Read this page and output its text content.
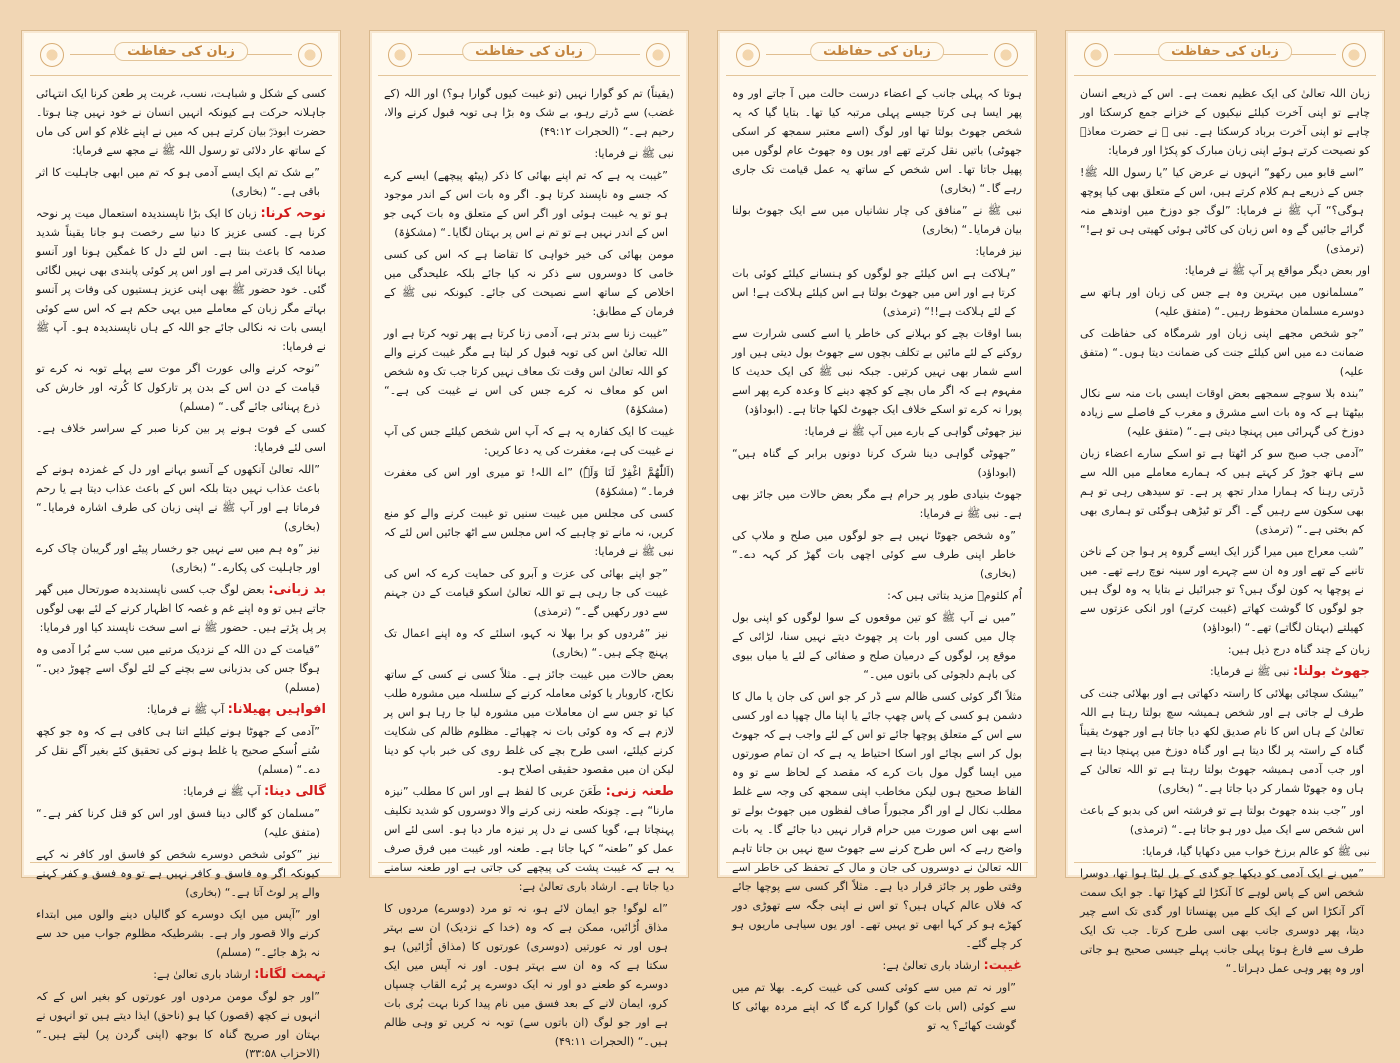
زبان کی حفاظت

زبان اللہ تعالیٰ کی ایک عظیم نعمت ہے۔ اس کے ذریعے انسان چاہے تو اپنی آخرت کیلئے نیکیوں کے خزانے جمع کرسکتا اور چاہے تو اپنی آخرت برباد کرسکتا ہے۔ نبی ﷺ نے حضرت معاذؓ کو نصیحت کرتے ہوئے اپنی زبان مبارک کو پکڑا اور فرمایا:

”اسے قابو میں رکھو“ انہوں نے عرض کیا ”یا رسول اللہ ﷺ! جس کے ذریعے ہم کلام کرتے ہیں، اس کے متعلق بھی کیا پوچھ ہوگی؟“ آپ ﷺ نے فرمایا: ”لوگ جو دوزخ میں اوندھے منہ گرائے جائیں گے وہ اس زبان کی کاٹی ہوئی کھیتی ہی تو ہے!“ (ترمذی)

اور بعض دیگر مواقع پر آپ ﷺ نے فرمایا:

”مسلمانوں میں بہترین وہ ہے جس کی زبان اور ہاتھ سے دوسرے مسلمان محفوظ رہیں۔“ (متفق علیہ)

”جو شخص مجھے اپنی زبان اور شرمگاہ کی حفاظت کی ضمانت دے میں اس کیلئے جنت کی ضمانت دیتا ہوں۔“ (متفق علیہ)

”بندہ بلا سوچے سمجھے بعض اوقات ایسی بات منہ سے نکال بیٹھتا ہے کہ وہ بات اسے مشرق و مغرب کے فاصلے سے زیادہ دوزخ کی گہرائی میں پہنچا دیتی ہے۔“ (متفق علیہ)

”آدمی جب صبح سو کر اٹھتا ہے تو اسکے سارے اعضاء زبان سے ہاتھ جوڑ کر کہتے ہیں کہ ہمارے معاملے میں اللہ سے ڈرتی رہنا کہ ہمارا مدار تجھ پر ہے۔ تو سیدھی رہی تو ہم بھی سکون سے رہیں گے۔ اگر تو ٹیڑھی ہوگئی تو ہماری بھی کم بختی ہے۔“ (ترمذی)

”شب معراج میں میرا گزر ایک ایسے گروہ پر ہوا جن کے ناخن تانبے کے تھے اور وہ ان سے چہرے اور سینہ نوچ رہے تھے۔ میں نے پوچھا یہ کون لوگ ہیں؟ تو جبرائیل نے بتایا یہ وہ لوگ ہیں جو لوگوں کا گوشت کھاتے (غیبت کرتے) اور انکی عزتوں سے کھیلتے (بہتان لگاتے) تھے۔“ (ابوداؤد)

زبان کے چند گناہ درج ذیل ہیں:

جھوٹ بولنا: نبی ﷺ نے فرمایا:

”بیشک سچائی بھلائی کا راستہ دکھاتی ہے اور بھلائی جنت کی طرف لے جاتی ہے اور شخص ہمیشہ سچ بولتا رہتا ہے اللہ تعالیٰ کے ہاں اس کا نام صدیق لکھ دیا جاتا ہے اور جھوٹ یقیناً گناہ کے راستہ پر لگا دیتا ہے اور گناہ دوزخ میں پہنچا دیتا ہے اور جب آدمی ہمیشہ جھوٹ بولتا رہتا ہے تو اللہ تعالیٰ کے ہاں وہ جھوٹا شمار کر دیا جاتا ہے۔“ (بخاری)

اور ”جب بندہ جھوٹ بولتا ہے تو فرشتہ اس کی بدبو کے باعث اس شخص سے ایک میل دور ہو جاتا ہے۔“ (ترمذی)

نبی ﷺ کو عالم برزخ خواب میں دکھایا گیا، فرمایا:

”میں نے ایک آدمی کو دیکھا جو گدی کے بل لیٹا ہوا تھا، دوسرا شخص اس کے پاس لوہے کا آنکڑا لئے کھڑا تھا۔ جو ایک سمت آکر آنکڑا اس کے ایک کلے میں پھنساتا اور گدی تک اسے چیر دیتا، پھر دوسری جانب بھی اسی طرح کرتا۔ جب تک ایک طرف سے فارغ ہوتا پہلی جانب پہلے جیسی صحیح ہو جاتی اور وہ پھر وہی عمل دہراتا۔“

زبان کی حفاظت

ہوتا کہ پہلی جانب کے اعضاء درست حالت میں آ جاتے اور وہ پھر ایسا ہی کرتا جیسے پہلی مرتبہ کیا تھا۔ بتایا گیا کہ یہ شخص جھوٹ بولتا تھا اور لوگ (اسے معتبر سمجھ کر اسکی جھوٹی) باتیں نقل کرتے تھے اور یوں وہ جھوٹ عام لوگوں میں پھیل جاتا تھا۔ اس شخص کے ساتھ یہ عمل قیامت تک جاری رہے گا۔“ (بخاری)

نبی ﷺ نے ”منافق کی چار نشانیاں میں سے ایک جھوٹ بولنا بیان فرمایا۔“ (بخاری)

نیز فرمایا:

”ہلاکت ہے اس کیلئے جو لوگوں کو ہنسانے کیلئے کوئی بات کرتا ہے اور اس میں جھوٹ بولتا ہے اس کیلئے ہلاکت ہے! اس کے لئے ہلاکت ہے!!“ (ترمذی)

بسا اوقات بچے کو بہلانے کی خاطر یا اسے کسی شرارت سے روکنے کے لئے مائیں بے تکلف بچوں سے جھوٹ بول دیتی ہیں اور اسے شمار بھی نہیں کرتیں۔ جبکہ نبی ﷺ کی ایک حدیث کا مفہوم ہے کہ اگر ماں بچے کو کچھ دینے کا وعدہ کرے پھر اسے پورا نہ کرے تو اسکے خلاف ایک جھوٹ لکھا جاتا ہے۔ (ابوداؤد)

نیز جھوٹی گواہی کے بارے میں آپ ﷺ نے فرمایا:

”جھوٹی گواہی دینا شرک کرنا دونوں برابر کے گناہ ہیں“ (ابوداؤد)

جھوٹ بنیادی طور پر حرام ہے مگر بعض حالات میں جائز بھی ہے۔ نبی ﷺ نے فرمایا:

”وہ شخص جھوٹا نہیں ہے جو لوگوں میں صلح و ملاپ کی خاطر اپنی طرف سے کوئی اچھی بات گھڑ کر کہہ دے۔“ (بخاری)

اُم کلثومؓ مزید بتاتی ہیں کہ:

”میں نے آپ ﷺ کو تین موقعوں کے سوا لوگوں کو اپنی بول چال میں کسی اور بات پر چھوٹ دیتے نہیں سنا، لڑائی کے موقع پر، لوگوں کے درمیان صلح و صفائی کے لئے یا میاں بیوی کی باہم دلجوئی کی باتوں میں۔“

مثلاً اگر کوئی کسی ظالم سے ڈر کر جو اس کی جان یا مال کا دشمن ہو کسی کے پاس چھپ جائے یا اپنا مال چھپا دے اور کسی سے اس کے متعلق پوچھا جائے تو اس کے لئے واجب ہے کہ جھوٹ بول کر اسے بچائے اور اسکا احتیاط یہ ہے کہ ان تمام صورتوں میں ایسا گول مول بات کرے کہ مقصد کے لحاظ سے تو وہ الفاظ صحیح ہوں لیکن مخاطب اپنی سمجھ کی وجہ سے غلط مطلب نکال لے اور اگر مجبوراً صاف لفظوں میں جھوٹ بولے تو اسے بھی اس صورت میں حرام قرار نہیں دیا جائے گا۔ یہ بات واضح رہے کہ اس طرح کرنے سے جھوٹ سچ نہیں بن جاتا تاہم اللہ تعالیٰ نے دوسروں کی جان و مال کے تحفظ کی خاطر اسے وقتی طور پر جائز قرار دیا ہے۔ مثلاً اگر کسی سے پوچھا جائے کہ فلاں عالم کہاں ہیں؟ تو اس نے اپنی جگہ سے تھوڑی دور کھڑے ہو کر کہا ابھی تو یہیں تھے۔ اور یوں سیاہی ماریوں ہو کر چلے گئے۔

غیبت: ارشاد باری تعالیٰ ہے:

”اور نہ تم میں سے کوئی کسی کی غیبت کرے۔ بھلا تم میں سے کوئی (اس بات کو) گوارا کرے گا کہ اپنے مردہ بھائی کا گوشت کھائے؟ یہ تو

زبان کی حفاظت

(یقیناً) تم کو گوارا نہیں (تو غیبت کیوں گوارا ہو؟) اور اللہ (کے غضب) سے ڈرتے رہو، بے شک وہ بڑا ہی توبہ قبول کرنے والا، رحیم ہے۔“ (الحجرات ۴۹:۱۲)

نبی ﷺ نے فرمایا:

”غیبت یہ ہے کہ تم اپنے بھائی کا ذکر (پیٹھ پیچھے) ایسے کرے کہ جسے وہ ناپسند کرتا ہو۔ اگر وہ بات اس کے اندر موجود ہو تو یہ غیبت ہوئی اور اگر اس کے متعلق وہ بات کہی جو اس کے اندر نہیں ہے تو تم نے اس پر بہتان لگایا۔“ (مشکوٰۃ)

مومن بھائی کی خیر خواہی کا تقاضا ہے کہ اس کی کسی خامی کا دوسروں سے ذکر نہ کیا جائے بلکہ علیحدگی میں اخلاص کے ساتھ اسے نصیحت کی جائے۔ کیونکہ نبی ﷺ کے فرمان کے مطابق:

”غیبت زنا سے بدتر ہے، آدمی زنا کرتا ہے پھر توبہ کرتا ہے اور اللہ تعالیٰ اس کی توبہ قبول کر لیتا ہے مگر غیبت کرنے والے کو اللہ تعالیٰ اس وقت تک معاف نہیں کرتا جب تک وہ شخص اس کو معاف نہ کرے جس کی اس نے غیبت کی ہے۔“ (مشکوٰۃ)

غیبت کا ایک کفارہ یہ ہے کہ آپ اس شخص کیلئے جس کی آپ نے غیبت کی ہے، مغفرت کی یہ دعا کریں:

(اَللّٰھُمَّ اغْفِرْ لَنَا وَلَہٗ) ”اے اللہ! تو میری اور اس کی مغفرت فرما۔“ (مشکوٰۃ)

کسی کی مجلس میں غیبت سنیں تو غیبت کرنے والے کو منع کریں، نہ مانے تو چاہیے کہ اس مجلس سے اٹھ جائیں اس لئے کہ نبی ﷺ نے فرمایا:

”جو اپنے بھائی کی عزت و آبرو کی حمایت کرے کہ اس کی غیبت کی جا رہی ہے تو اللہ تعالیٰ اسکو قیامت کے دن جہنم سے دور رکھیں گے۔“ (ترمذی)

نیز ”مُردوں کو برا بھلا نہ کہو، اسلئے کہ وہ اپنے اعمال تک پہنچ چکے ہیں۔“ (بخاری)

بعض حالات میں غیبت جائز ہے۔ مثلاً کسی نے کسی کے ساتھ نکاح، کاروبار یا کوئی معاملہ کرنے کے سلسلہ میں مشورہ طلب کیا تو جس سے ان معاملات میں مشورہ لیا جا رہا ہو اس پر لازم ہے کہ وہ کوئی بات نہ چھپائے۔ مظلوم ظالم کی شکایت کرنے کیلئے، اسی طرح بچے کی غلط روی کی خبر باپ کو دینا لیکن ان میں مقصود حقیقی اصلاح ہو۔

طعنہ زنی: طَعَنَ عربی کا لفظ ہے اور اس کا مطلب ”نیزہ مارنا“ ہے۔ چونکہ طعنہ زنی کرنے والا دوسروں کو شدید تکلیف پہنچاتا ہے، گویا کسی نے دل پر نیزہ مار دیا ہو۔ اسی لئے اس عمل کو ”طعنہ“ کہا جاتا ہے۔ طعنہ اور غیبت میں فرق صرف یہ ہے کہ غیبت پشت کی پیچھے کی جاتی ہے اور طعنہ سامنے دیا جاتا ہے۔ ارشاد باری تعالیٰ ہے:

”اے لوگو! جو ایمان لائے ہو، نہ تو مرد (دوسرے) مردوں کا مذاق اُڑائیں، ممکن ہے کہ وہ (خدا کے نزدیک) ان سے بہتر ہوں اور نہ عورتیں (دوسری) عورتوں کا (مذاق اُڑائیں) ہو سکتا ہے کہ وہ ان سے بہتر ہوں۔ اور نہ آپس میں ایک دوسرے کو طعنے دو اور نہ ایک دوسرے پر بُرے القاب چسپاں کرو، ایمان لانے کے بعد فسق میں نام پیدا کرنا بہت بُری بات ہے اور جو لوگ (ان باتوں سے) توبہ نہ کریں تو وہی ظالم ہیں۔“ (الحجرات ۴۹:۱۱)

زبان کی حفاظت

کسی کے شکل و شباہت، نسب، غربت پر طعن کرنا ایک انتہائی جاہلانہ حرکت ہے کیونکہ انہیں انسان نے خود نہیں چنا ہوتا۔ حضرت ابوذرؓ بیان کرتے ہیں کہ میں نے اپنے غلام کو اس کی ماں کے ساتھ عار دلائی تو رسول اللہ ﷺ نے مجھ سے فرمایا:

”بے شک تم ایک ایسے آدمی ہو کہ تم میں ابھی جاہلیت کا اثر باقی ہے۔“ (بخاری)

نوحہ کرنا: زبان کا ایک بڑا ناپسندیدہ استعمال میت پر نوحہ کرنا ہے۔ کسی عزیز کا دنیا سے رخصت ہو جانا یقیناً شدید صدمہ کا باعث بنتا ہے۔ اس لئے دل کا غمگین ہونا اور آنسو بہانا ایک قدرتی امر ہے اور اس پر کوئی پابندی بھی نہیں لگائی گئی۔ خود حضور ﷺ بھی اپنی عزیز ہستیوں کی وفات پر آنسو بہاتے مگر زبان کے معاملے میں یہی حکم ہے کہ اس سے کوئی ایسی بات نہ نکالی جائے جو اللہ کے ہاں ناپسندیدہ ہو۔ آپ ﷺ نے فرمایا:

”نوحہ کرنے والی عورت اگر موت سے پہلے توبہ نہ کرے تو قیامت کے دن اس کے بدن پر تارکول کا کُرتہ اور خارش کی ذرع پہنائی جائے گی۔“ (مسلم)

کسی کے فوت ہونے پر بین کرنا صبر کے سراسر خلاف ہے۔ اسی لئے فرمایا:

”اللہ تعالیٰ آنکھوں کے آنسو بہانے اور دل کے غمزدہ ہونے کے باعث عذاب نہیں دیتا بلکہ اس کے باعث عذاب دیتا ہے یا رحم فرماتا ہے اور آپ ﷺ نے اپنی زبان کی طرف اشارہ فرمایا۔“ (بخاری)

نیز ”وہ ہم میں سے نہیں جو رخسار پیٹے اور گریبان چاک کرے اور جاہلیت کی پکارے۔“ (بخاری)

بد زبانی: بعض لوگ جب کسی ناپسندیدہ صورتحال میں گھر جاتے ہیں تو وہ اپنے غم و غصہ کا اظہار کرنے کے لئے بھی لوگوں پر پل پڑتے ہیں۔ حضور ﷺ نے اسے سخت ناپسند کیا اور فرمایا:

”قیامت کے دن اللہ کے نزدیک مرتبے میں سب سے بُرا آدمی وہ ہوگا جس کی بدزبانی سے بچنے کے لئے لوگ اسے چھوڑ دیں۔“ (مسلم)

افواہیں پھیلانا: آپ ﷺ نے فرمایا:

”آدمی کے جھوٹا ہونے کیلئے اتنا ہی کافی ہے کہ وہ جو کچھ سُنے اُسکے صحیح یا غلط ہونے کی تحقیق کئے بغیر آگے نقل کر دے۔“ (مسلم)

گالی دینا: آپ ﷺ نے فرمایا:

”مسلمان کو گالی دینا فسق اور اس کو قتل کرنا کفر ہے۔“ (متفق علیہ)

نیز ”کوئی شخص دوسرے شخص کو فاسق اور کافر نہ کہے کیونکہ اگر وہ فاسق و کافر نہیں ہے تو وہ فسق و کفر کہنے والے پر لوٹ آتا ہے۔“ (بخاری)

اور ”آپس میں ایک دوسرے کو گالیاں دینے والوں میں ابتداء کرنے والا قصور وار ہے۔ بشرطیکہ مظلوم جواب میں حد سے نہ بڑھ جائے۔“ (مسلم)

تہمت لگانا: ارشاد باری تعالیٰ ہے:

”اور جو لوگ مومن مردوں اور عورتوں کو بغیر اس کے کہ انہوں نے کچھ (قصور) کیا ہو (ناحق) ایذا دیتے ہیں تو انہوں نے بہتان اور صریح گناہ کا بوجھ (اپنی گردن پر) لیتے ہیں۔“ (الاحزاب ۳۳:۵۸)
